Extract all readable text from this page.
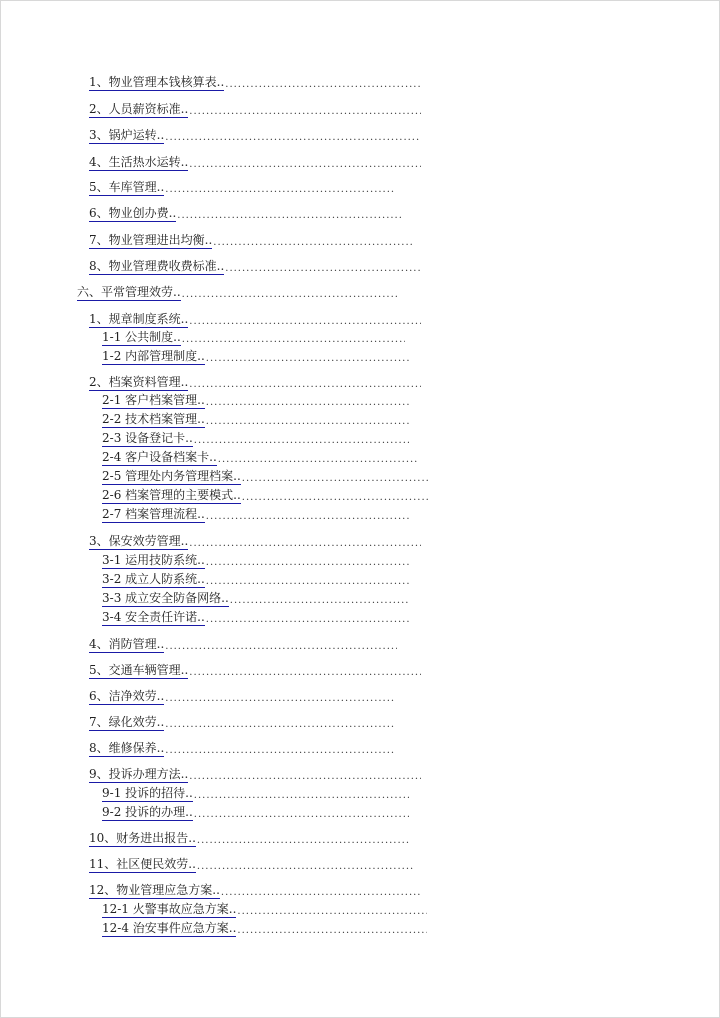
1、物业管理本钱核算表..
.....
2、人员薪资标准..
.....
3、锅炉运转..
.....
4、生活热水运转..
.....
5、车库管理..
.....
6、物业创办费..
.....
7、物业管理进出均衡..
.....
8、物业管理费收费标准..
.....
六、平常管理效劳..
.....
1、规章制度系统..
.....
1-1 公共制度..
.....
1-2 内部管理制度..
.....
2、档案资料管理..
.....
2-1 客户档案管理..
.....
2-2 技术档案管理..
.....
2-3 设备登记卡..
.....
2-4 客户设备档案卡..
.....
2-5 管理处内务管理档案..
.....
2-6 档案管理的主要模式..
.....
2-7 档案管理流程..
.....
3、保安效劳管理..
.....
3-1 运用技防系统..
.....
3-2 成立人防系统..
.....
3-3 成立安全防备网络..
.....
3-4 安全责任许诺..
.....
4、消防管理..
.....
5、交通车辆管理..
.....
6、洁净效劳..
.....
7、绿化效劳..
.....
8、维修保养..
.....
9、投诉办理方法..
.....
9-1 投诉的招待..
.....
9-2 投诉的办理..
.....
10、财务进出报告..
.....
11、社区便民效劳..
.....
12、物业管理应急方案..
.....
12-1 火警事故应急方案..
.....
12-4 治安事件应急方案..
.....
